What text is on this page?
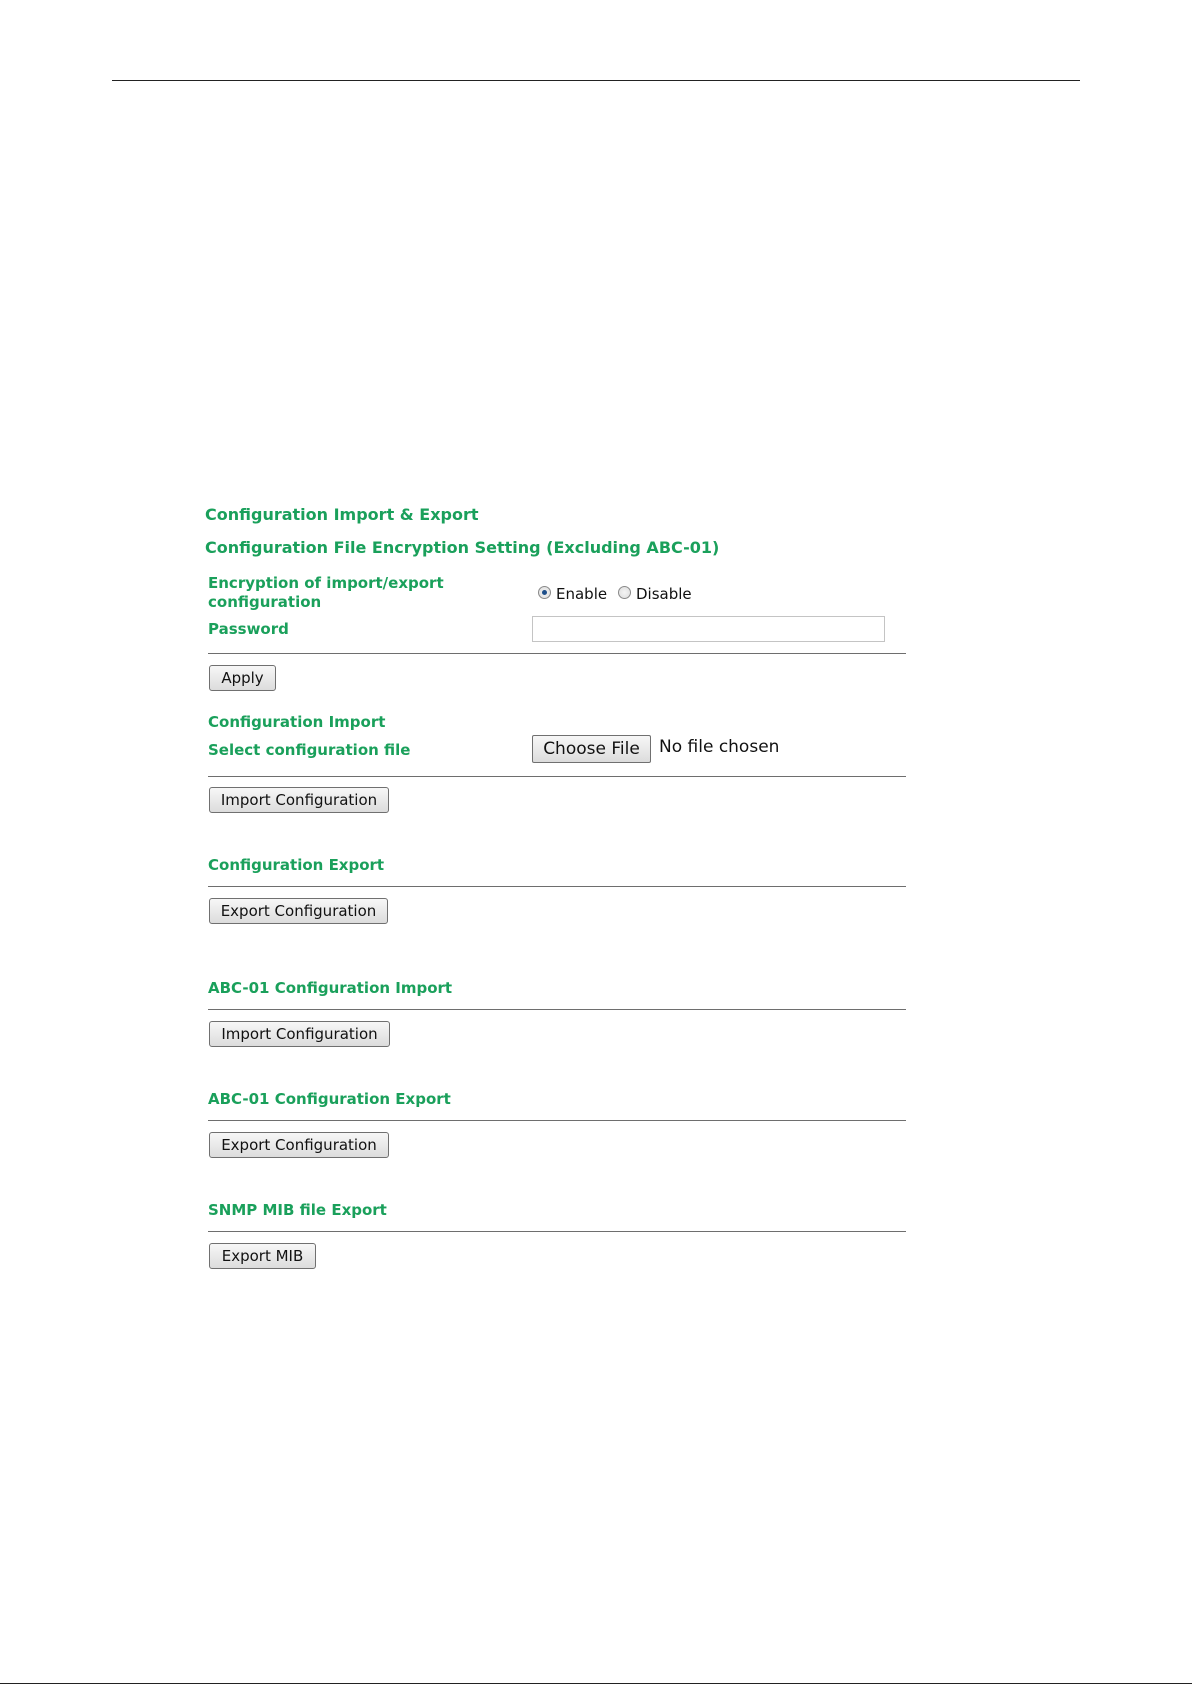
Configuration Import & Export
Configuration File Encryption Setting (Excluding ABC-01)
Encryption of import/export
configuration	Enable Disable
Password
Apply
Configuration Import
Select configuration file	Choose File	No file chosen
Import Configuration
Configuration Export
Export Configuration
ABC-01 Configuration Import
Import Configuration
ABC-01 Configuration Export
Export Configuration
SNMP MIB file Export
Export MIB
